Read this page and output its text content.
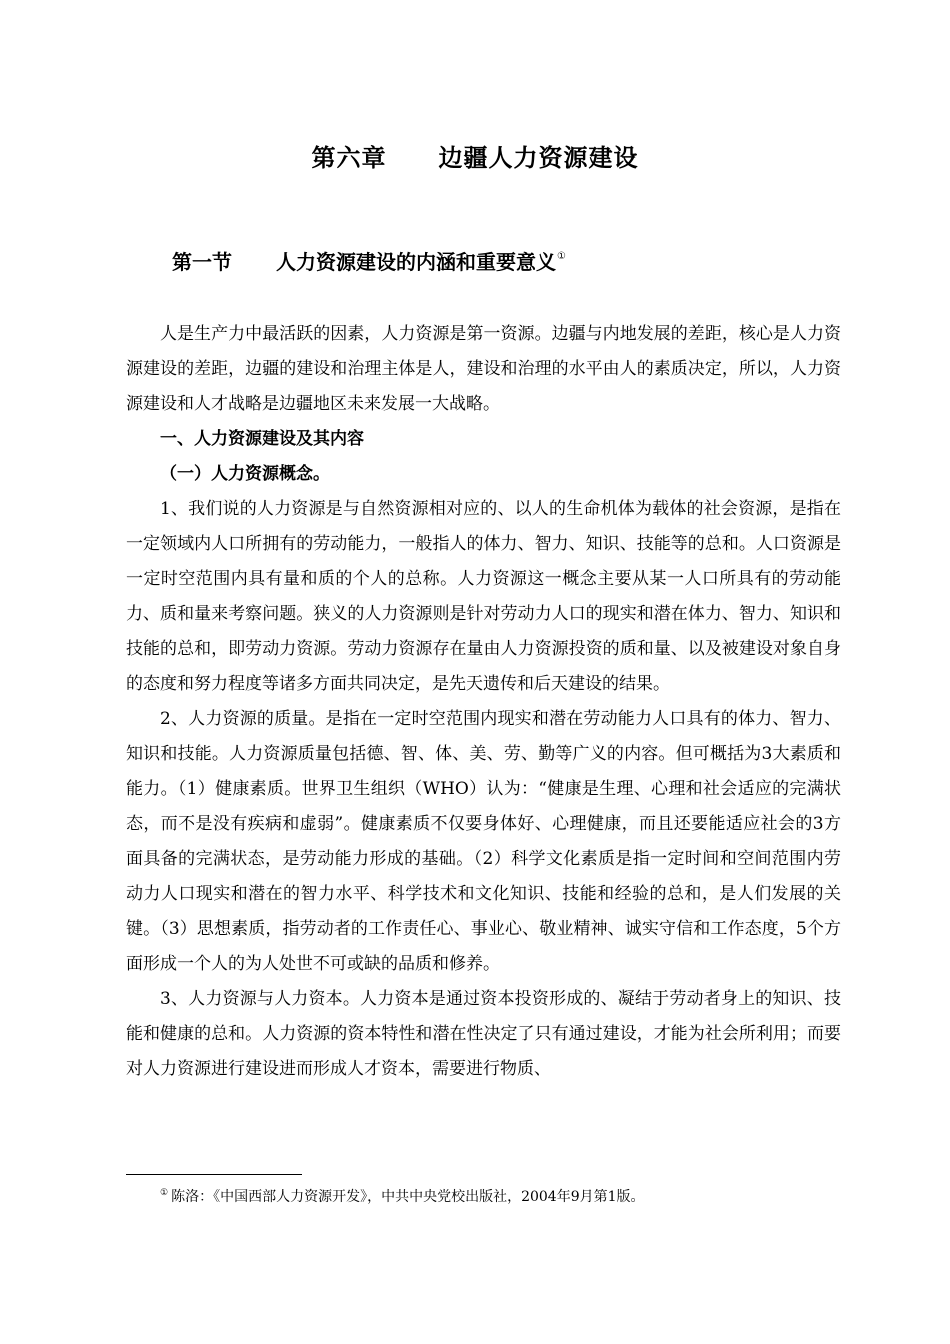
第六章 边疆人力资源建设
第一节 人力资源建设的内涵和重要意义①

人是生产力中最活跃的因素，人力资源是第一资源。边疆与内地发展的差距，核心是人力资源建设的差距，边疆的建设和治理主体是人，建设和治理的水平由人的素质决定，所以，人力资源建设和人才战略是边疆地区未来发展一大战略。

一、人力资源建设及其内容

（一）人力资源概念。

1、我们说的人力资源是与自然资源相对应的、以人的生命机体为载体的社会资源，是指在一定领域内人口所拥有的劳动能力，一般指人的体力、智力、知识、技能等的总和。人口资源是一定时空范围内具有量和质的个人的总称。人力资源这一概念主要从某一人口所具有的劳动能力、质和量来考察问题。狭义的人力资源则是针对劳动力人口的现实和潜在体力、智力、知识和技能的总和，即劳动力资源。劳动力资源存在量由人力资源投资的质和量、以及被建设对象自身的态度和努力程度等诸多方面共同决定，是先天遗传和后天建设的结果。

2、人力资源的质量。是指在一定时空范围内现实和潜在劳动能力人口具有的体力、智力、知识和技能。人力资源质量包括德、智、体、美、劳、勤等广义的内容。但可概括为3大素质和能力。（1）健康素质。世界卫生组织（WHO）认为：“健康是生理、心理和社会适应的完满状态，而不是没有疾病和虚弱”。健康素质不仅要身体好、心理健康，而且还要能适应社会的3方面具备的完满状态，是劳动能力形成的基础。（2）科学文化素质是指一定时间和空间范围内劳动力人口现实和潜在的智力水平、科学技术和文化知识、技能和经验的总和，是人们发展的关键。（3）思想素质，指劳动者的工作责任心、事业心、敬业精神、诚实守信和工作态度，5个方面形成一个人的为人处世不可或缺的品质和修养。

3、人力资源与人力资本。人力资本是通过资本投资形成的、凝结于劳动者身上的知识、技能和健康的总和。人力资源的资本特性和潜在性决定了只有通过建设，才能为社会所利用；而要对人力资源进行建设进而形成人才资本，需要进行物质、

① 陈洛：《中国西部人力资源开发》，中共中央党校出版社，2004年9月第1版。
